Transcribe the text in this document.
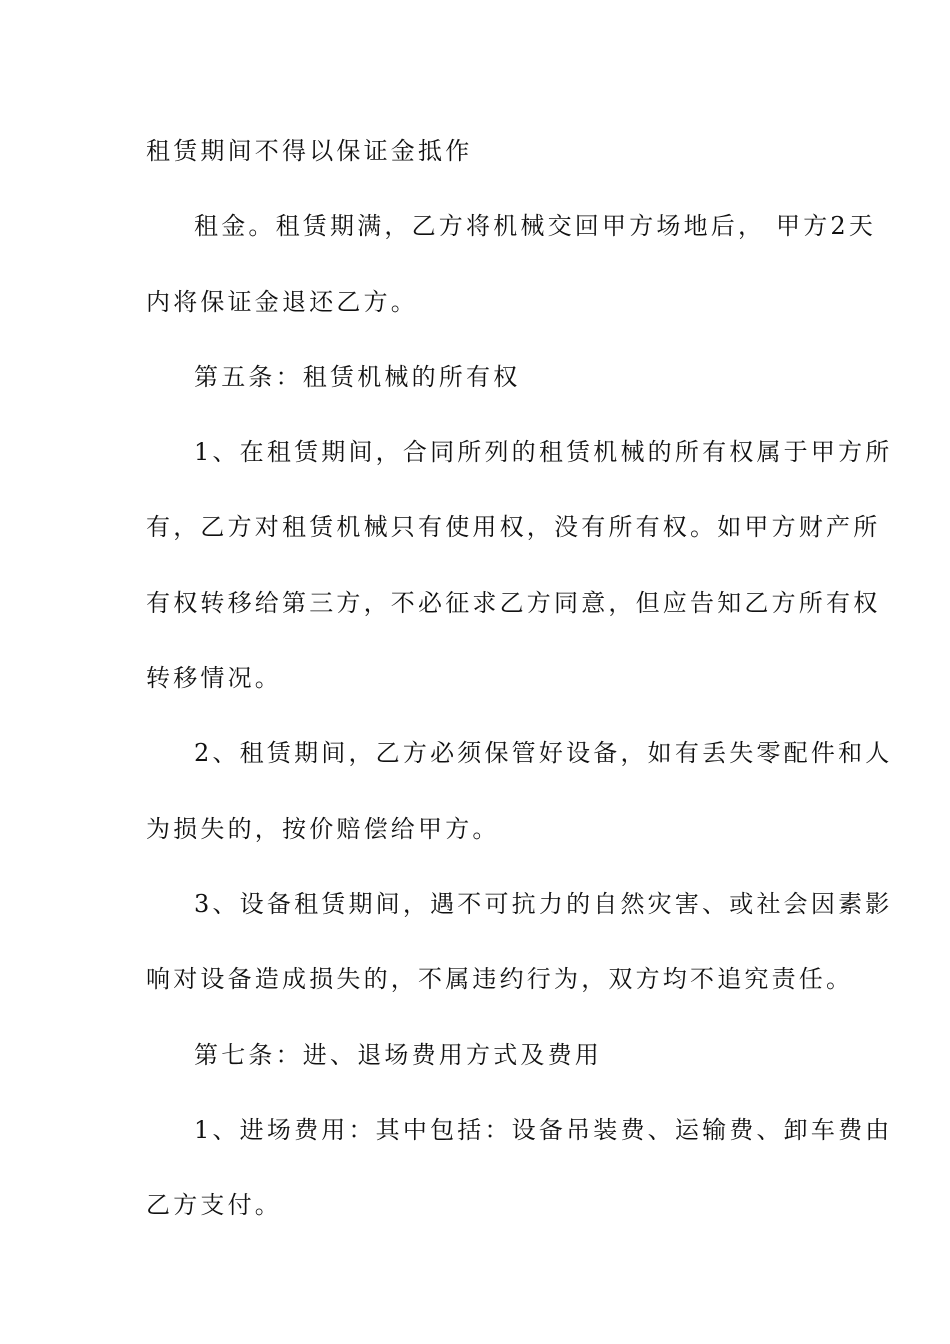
租赁期间不得以保证金抵作
租金。租赁期满，乙方将机械交回甲方场地后， 甲方2天
内将保证金退还乙方。
第五条：租赁机械的所有权
1、在租赁期间，合同所列的租赁机械的所有权属于甲方所
有，乙方对租赁机械只有使用权，没有所有权。如甲方财产所
有权转移给第三方，不必征求乙方同意，但应告知乙方所有权
转移情况。
2、租赁期间，乙方必须保管好设备，如有丢失零配件和人
为损失的，按价赔偿给甲方。
3、设备租赁期间，遇不可抗力的自然灾害、或社会因素影
响对设备造成损失的，不属违约行为，双方均不追究责任。
第七条：进、退场费用方式及费用
1、进场费用：其中包括：设备吊装费、运输费、卸车费由
乙方支付。
